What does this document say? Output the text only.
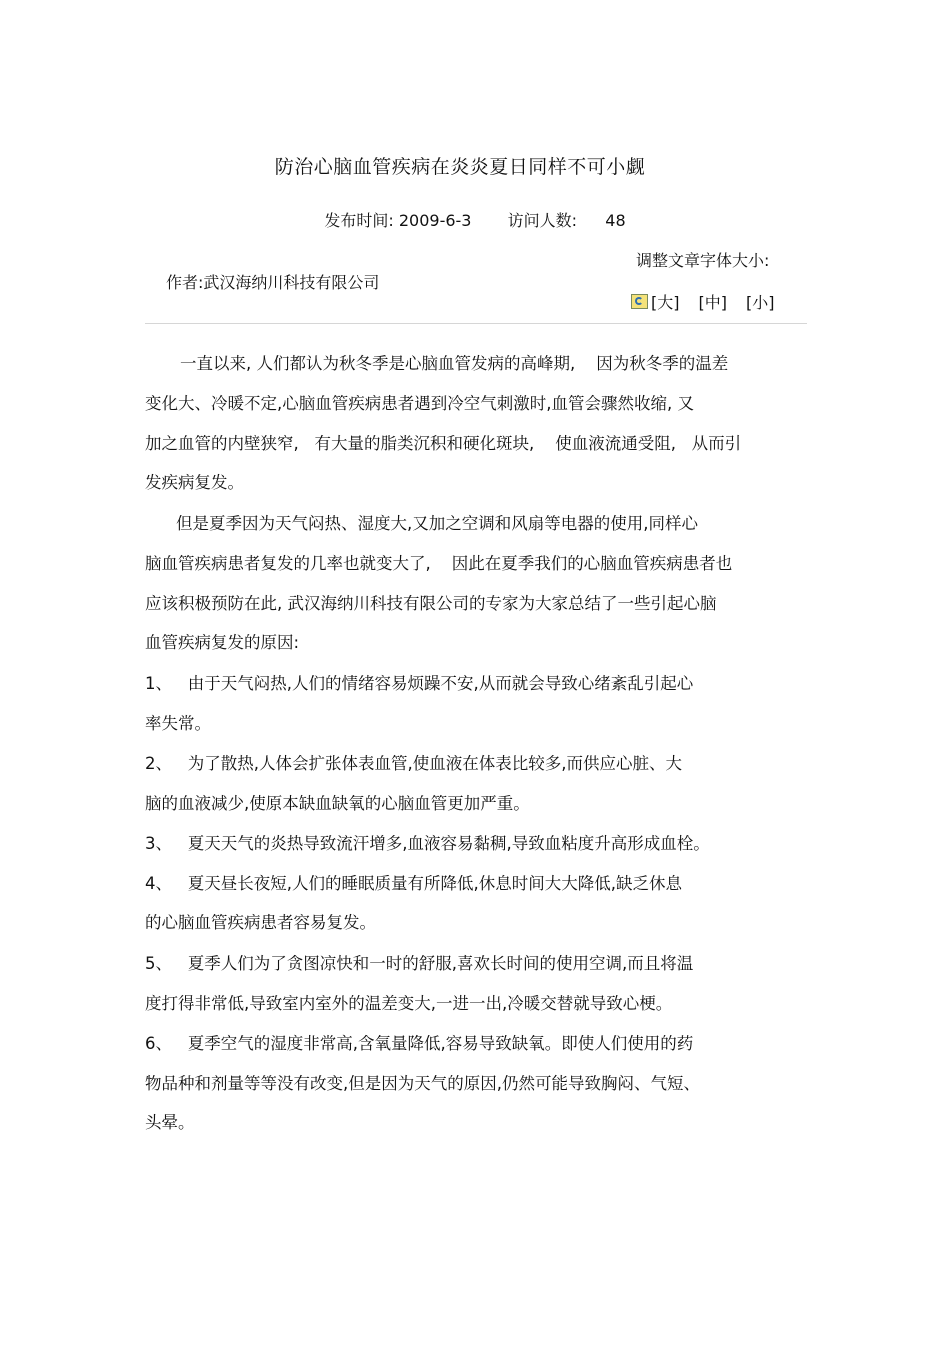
防治心脑血管疾病在炎炎夏日同样不可小觑
发布时间: 2009-6-3 访问人数: 48
作者:武汉海纳川科技有限公司
调整文章字体大小:
[大] [中] [小]
一直以来, 人们都认为秋冬季是心脑血管发病的高峰期,    因为秋冬季的温差
变化大、冷暖不定,心脑血管疾病患者遇到冷空气刺激时,血管会骤然收缩, 又
加之血管的内壁狭窄,   有大量的脂类沉积和硬化斑块,    使血液流通受阻,   从而引
发疾病复发。
但是夏季因为天气闷热、湿度大,又加之空调和风扇等电器的使用,同样心
脑血管疾病患者复发的几率也就变大了,    因此在夏季我们的心脑血管疾病患者也
应该积极预防在此, 武汉海纳川科技有限公司的专家为大家总结了一些引起心脑
血管疾病复发的原因:
1、   由于天气闷热,人们的情绪容易烦躁不安,从而就会导致心绪紊乱引起心
率失常。
2、   为了散热,人体会扩张体表血管,使血液在体表比较多,而供应心脏、大
脑的血液减少,使原本缺血缺氧的心脑血管更加严重。
3、   夏天天气的炎热导致流汗增多,血液容易黏稠,导致血粘度升高形成血栓。
4、   夏天昼长夜短,人们的睡眠质量有所降低,休息时间大大降低,缺乏休息
的心脑血管疾病患者容易复发。
5、   夏季人们为了贪图凉快和一时的舒服,喜欢长时间的使用空调,而且将温
度打得非常低,导致室内室外的温差变大,一进一出,冷暖交替就导致心梗。
6、   夏季空气的湿度非常高,含氧量降低,容易导致缺氧。即使人们使用的药
物品种和剂量等等没有改变,但是因为天气的原因,仍然可能导致胸闷、气短、
头晕。
